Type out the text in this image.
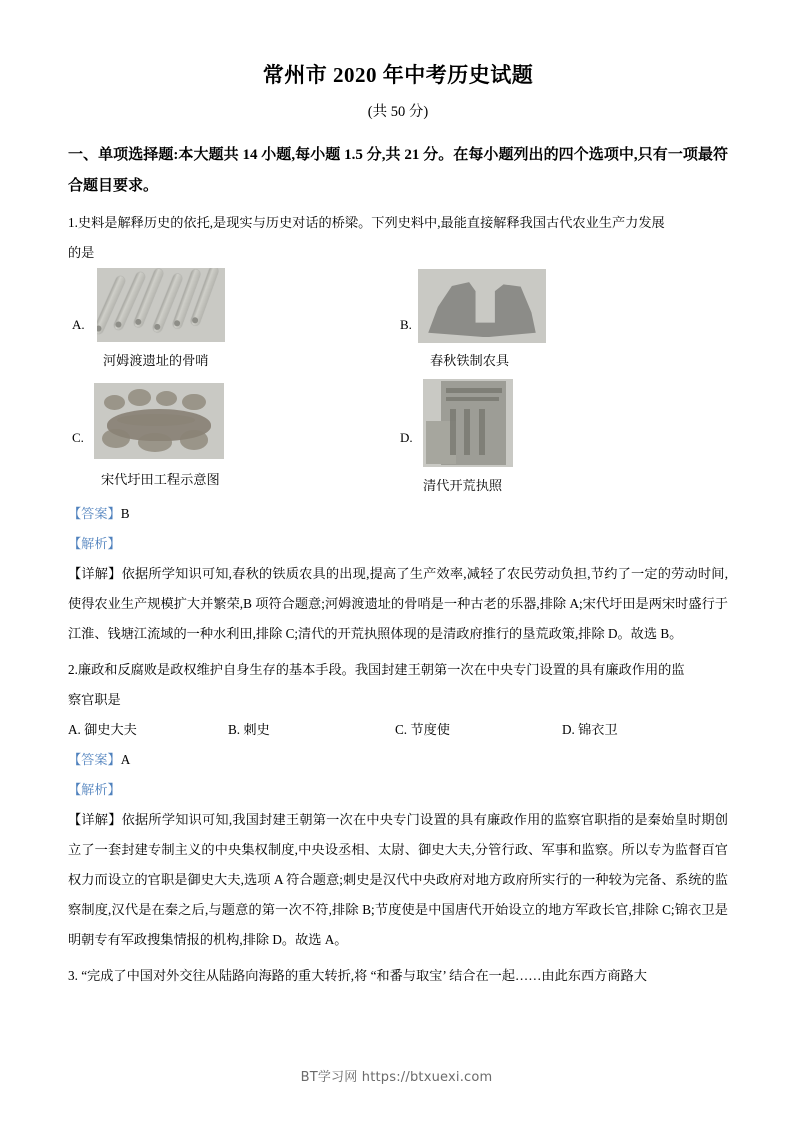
常州市 2020 年中考历史试题
(共 50 分)
一、单项选择题:本大题共 14 小题,每小题 1.5 分,共 21 分。在每小题列出的四个选项中,只有一项最符合题目要求。
1.史料是解释历史的依托,是现实与历史对话的桥梁。下列史料中,最能直接解释我国古代农业生产力发展
的是
A.
河姆渡遗址的骨哨
B.
春秋铁制农具
C.
宋代圩田工程示意图
D.
清代开荒执照
【答案】B
【解析】
【详解】依据所学知识可知,春秋的铁质农具的出现,提高了生产效率,减轻了农民劳动负担,节约了一定的劳动时间,使得农业生产规模扩大并繁荣,B 项符合题意;河姆渡遗址的骨哨是一种古老的乐器,排除 A;宋代圩田是两宋时盛行于江淮、钱塘江流域的一种水利田,排除 C;清代的开荒执照体现的是清政府推行的垦荒政策,排除 D。故选 B。
2.廉政和反腐败是政权维护自身生存的基本手段。我国封建王朝第一次在中央专门设置的具有廉政作用的监
察官职是
A. 御史大夫	B. 刺史	C. 节度使	D. 锦衣卫
【答案】A
【解析】
【详解】依据所学知识可知,我国封建王朝第一次在中央专门设置的具有廉政作用的监察官职指的是秦始皇时期创立了一套封建专制主义的中央集权制度,中央设丞相、太尉、御史大夫,分管行政、军事和监察。所以专为监督百官权力而设立的官职是御史大夫,选项 A 符合题意;刺史是汉代中央政府对地方政府所实行的一种较为完备、系统的监察制度,汉代是在秦之后,与题意的第一次不符,排除 B;节度使是中国唐代开始设立的地方军政长官,排除 C;锦衣卫是明朝专有军政搜集情报的机构,排除 D。故选 A。
3. “完成了中国对外交往从陆路向海路的重大转折,将 “和番与取宝’ 结合在一起……由此东西方商路大
BT学习网 https://btxuexi.com
